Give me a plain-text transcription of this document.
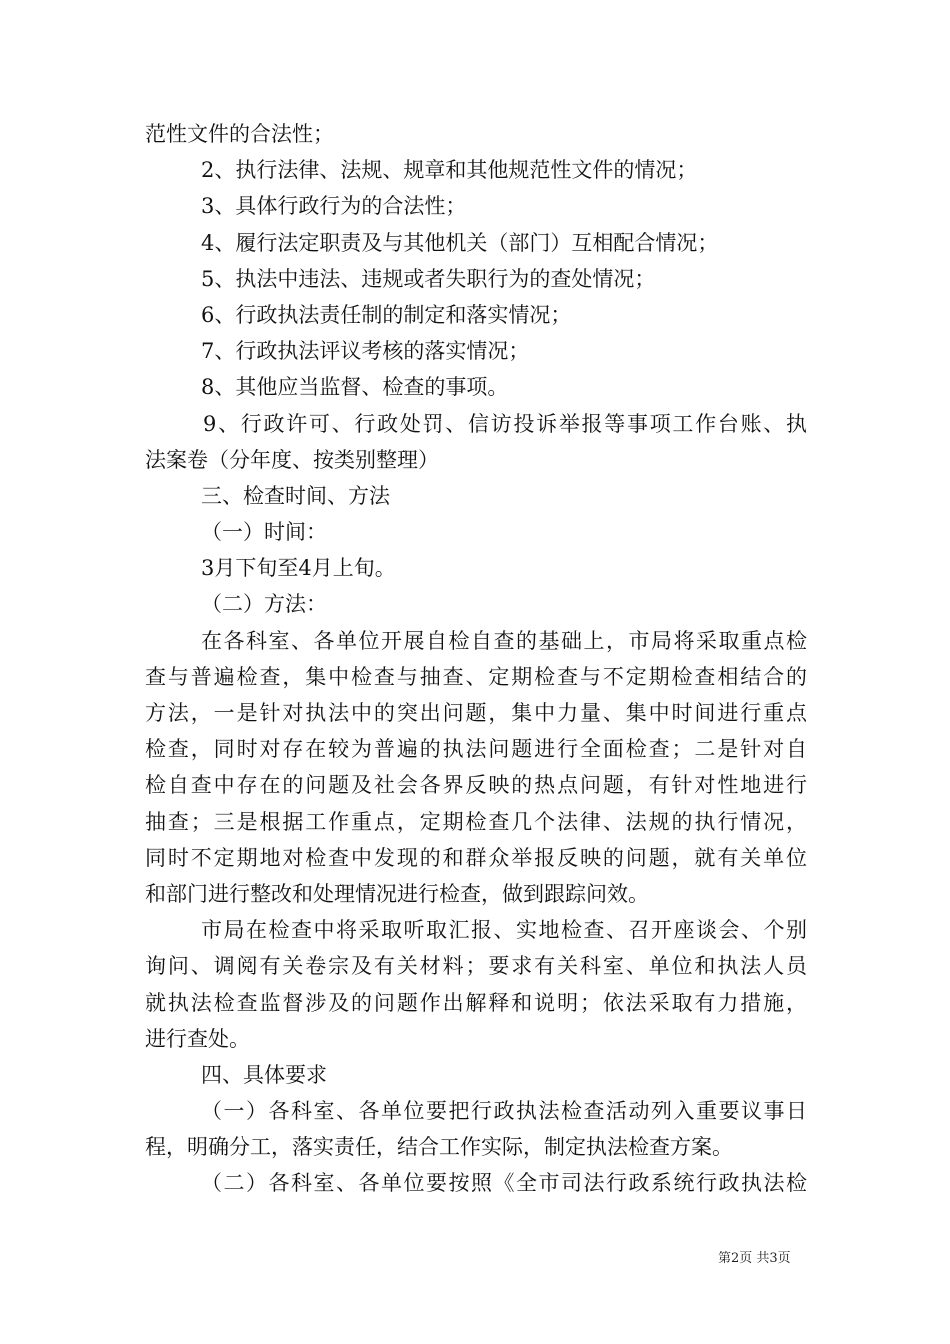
范性文件的合法性；
2、执行法律、法规、规章和其他规范性文件的情况；
3、具体行政行为的合法性；
4、履行法定职责及与其他机关（部门）互相配合情况；
5、执法中违法、违规或者失职行为的查处情况；
6、行政执法责任制的制定和落实情况；
7、行政执法评议考核的落实情况；
8、其他应当监督、检查的事项。
9、行政许可、行政处罚、信访投诉举报等事项工作台账、执
法案卷（分年度、按类别整理）
三、检查时间、方法
（一）时间：
3月下旬至4月上旬。
（二）方法：
在各科室、各单位开展自检自查的基础上，市局将采取重点检
查与普遍检查，集中检查与抽查、定期检查与不定期检查相结合的
方法，一是针对执法中的突出问题，集中力量、集中时间进行重点
检查，同时对存在较为普遍的执法问题进行全面检查；二是针对自
检自查中存在的问题及社会各界反映的热点问题，有针对性地进行
抽查；三是根据工作重点，定期检查几个法律、法规的执行情况，
同时不定期地对检查中发现的和群众举报反映的问题，就有关单位
和部门进行整改和处理情况进行检查，做到跟踪问效。
市局在检查中将采取听取汇报、实地检查、召开座谈会、个别
询问、调阅有关卷宗及有关材料；要求有关科室、单位和执法人员
就执法检查监督涉及的问题作出解释和说明；依法采取有力措施，
进行查处。
四、具体要求
（一）各科室、各单位要把行政执法检查活动列入重要议事日
程，明确分工，落实责任，结合工作实际，制定执法检查方案。
（二）各科室、各单位要按照《全市司法行政系统行政执法检
第2页 共3页
